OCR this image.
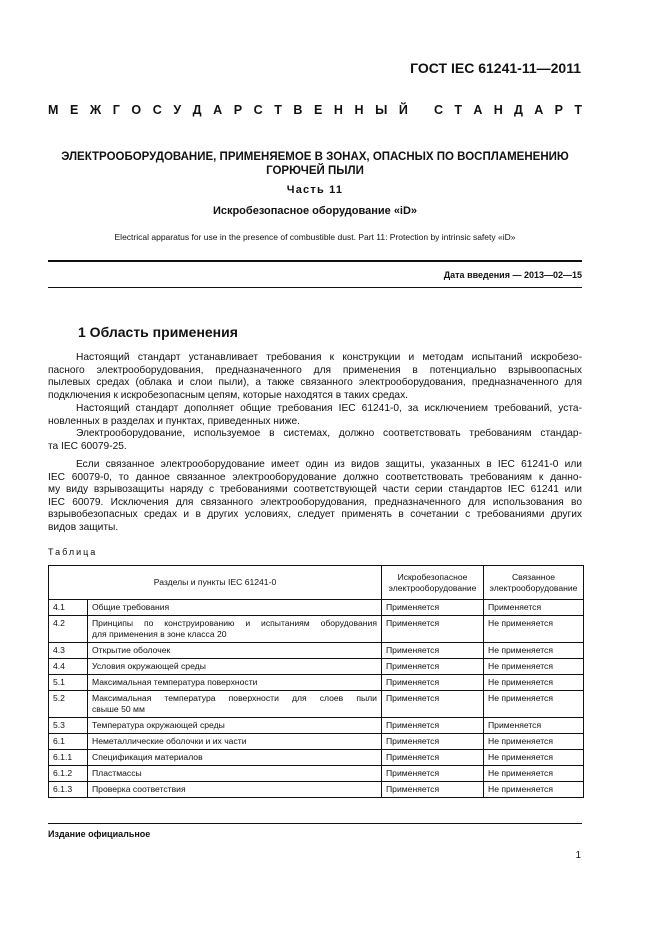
ГОСТ IEC 61241-11—2011
М Е Ж Г О С У Д А Р С Т В Е Н Н Ы Й С Т А Н Д А Р Т
ЭЛЕКТРООБОРУДОВАНИЕ, ПРИМЕНЯЕМОЕ В ЗОНАХ, ОПАСНЫХ ПО ВОСПЛАМЕНЕНИЮ
ГОРЮЧЕЙ ПЫЛИ
Часть 11
Искробезопасное оборудование «iD»
Electrical apparatus for use in the presence of combustible dust. Part 11: Protection by intrinsic safety «iD»
Дата введения — 2013—02—15
1 Область применения
Настоящий стандарт устанавливает требования к конструкции и методам испытаний искробезо-
пасного электрооборудования, предназначенного для применения в потенциально взрывоопасных
пылевых средах (облака и слои пыли), а также связанного электрооборудования, предназначенного для
подключения к искробезопасным цепям, которые находятся в таких средах.
Настоящий стандарт дополняет общие требования IEC 61241-0, за исключением требований, уста-
новленных в разделах и пунктах, приведенных ниже.
Электрооборудование, используемое в системах, должно соответствовать требованиям стандар-
та IEC 60079-25.
Если связанное электрооборудование имеет один из видов защиты, указанных в IEC 61241-0 или
IEC 60079-0, то данное связанное электрооборудование должно соответствовать требованиям к данно-
му виду взрывозащиты наряду с требованиями соответствующей части серии стандартов IEC 61241 или
IEC 60079. Исключения для связанного электрооборудования, предназначенного для использования во
взрывобезопасных средах и в других условиях, следует применять в сочетании с требованиями других
видов защиты.
Таблица
Разделы и пункты IEC 61241-0		Искробезопасное
электрооборудование	Связанное
электрооборудование
4.1	Общие требования	Применяется	Применяется
4.2	Принципы по конструированию и испытаниям оборудования
для применения в зоне класса 20	Применяется	Не применяется
4.3	Открытие оболочек	Применяется	Не применяется
4.4	Условия окружающей среды	Применяется	Не применяется
5.1	Максимальная температура поверхности	Применяется	Не применяется
5.2	Максимальная температура поверхности для слоев пыли
свыше 50 мм	Применяется	Не применяется
5.3	Температура окружающей среды	Применяется	Применяется
6.1	Неметаллические оболочки и их части	Применяется	Не применяется
6.1.1	Спецификация материалов	Применяется	Не применяется
6.1.2	Пластмассы	Применяется	Не применяется
6.1.3	Проверка соответствия	Применяется	Не применяется
Издание официальное
1
